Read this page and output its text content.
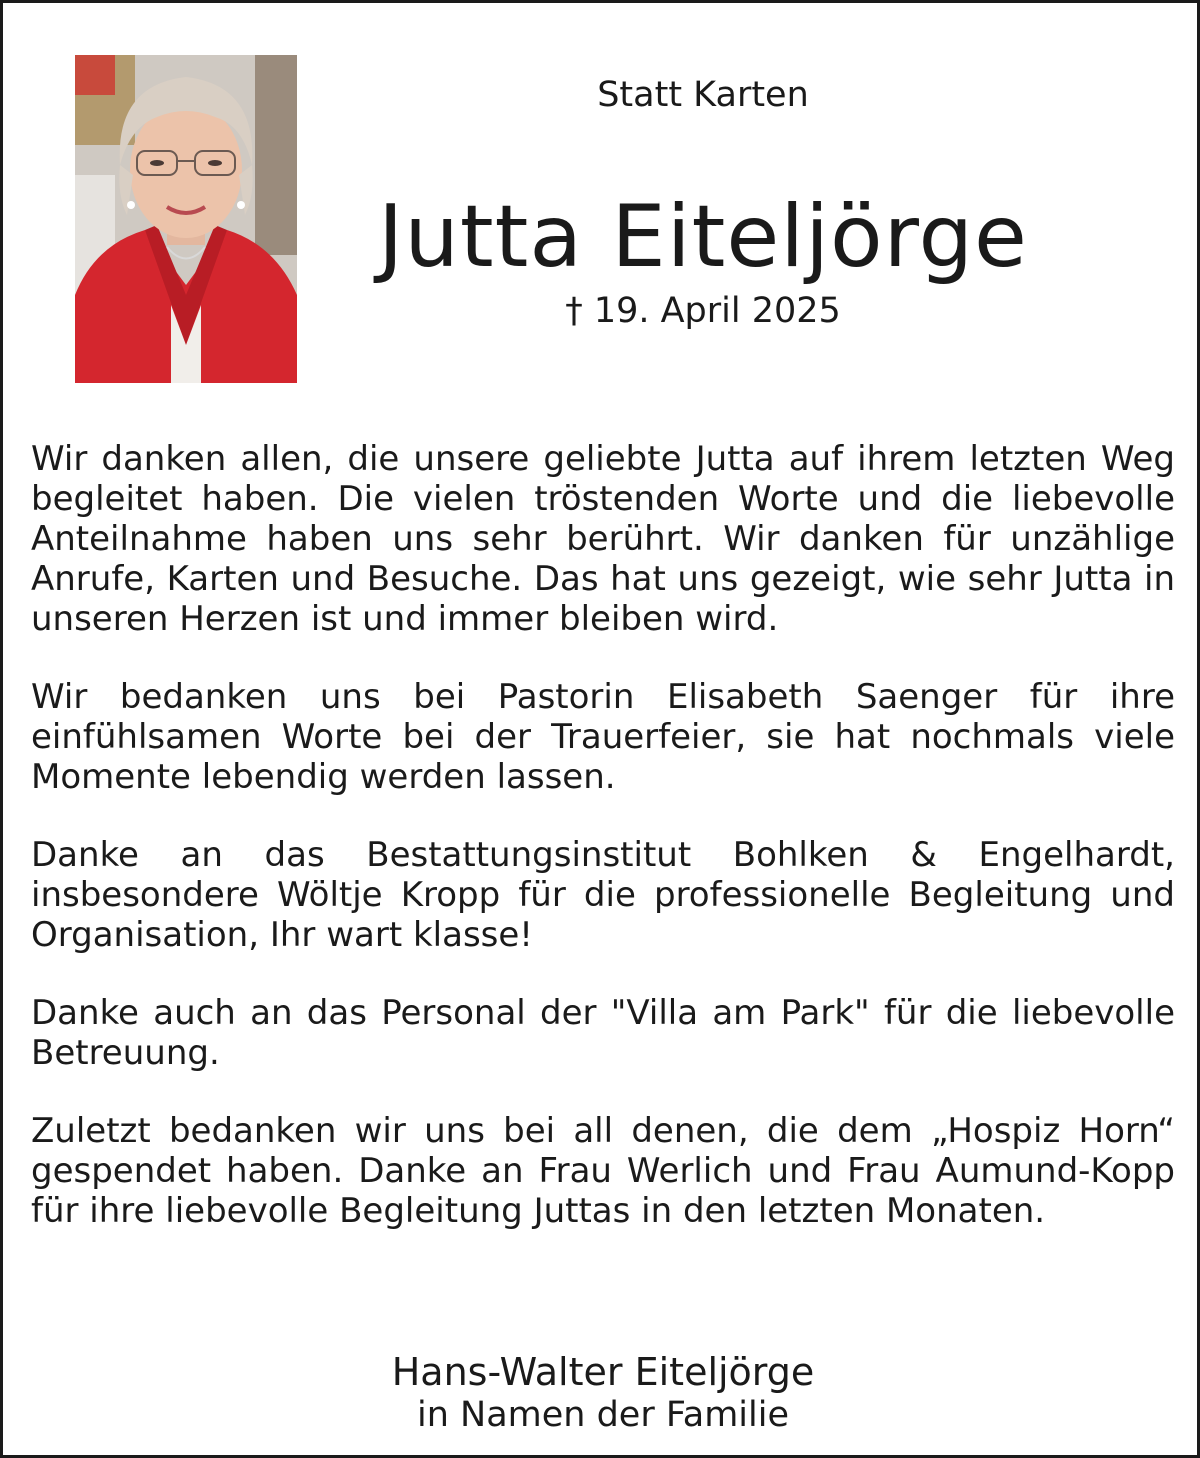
Statt Karten
Jutta Eiteljörge
† 19. April 2025

Wir danken allen, die unsere geliebte Jutta auf ihrem letzten Weg begleitet haben. Die vielen tröstenden Worte und die liebevolle Anteilnahme haben uns sehr berührt. Wir danken für unzählige Anrufe, Karten und Besuche. Das hat uns gezeigt, wie sehr Jutta in unseren Herzen ist und immer bleiben wird.

Wir bedanken uns bei Pastorin Elisabeth Saenger für ihre einfühlsamen Worte bei der Trauerfeier, sie hat nochmals viele Momente lebendig werden lassen.

Danke an das Bestattungsinstitut Bohlken & Engelhardt, insbesondere Wöltje Kropp für die professionelle Begleitung und Organisation, Ihr wart klasse!

Danke auch an das Personal der "Villa am Park" für die liebevolle Betreuung.

Zuletzt bedanken wir uns bei all denen, die dem „Hospiz Horn“ gespendet haben. Danke an Frau Werlich und Frau Aumund-Kopp für ihre liebevolle Begleitung Juttas in den letzten Monaten.

Hans-Walter Eiteljörge
in Namen der Familie
